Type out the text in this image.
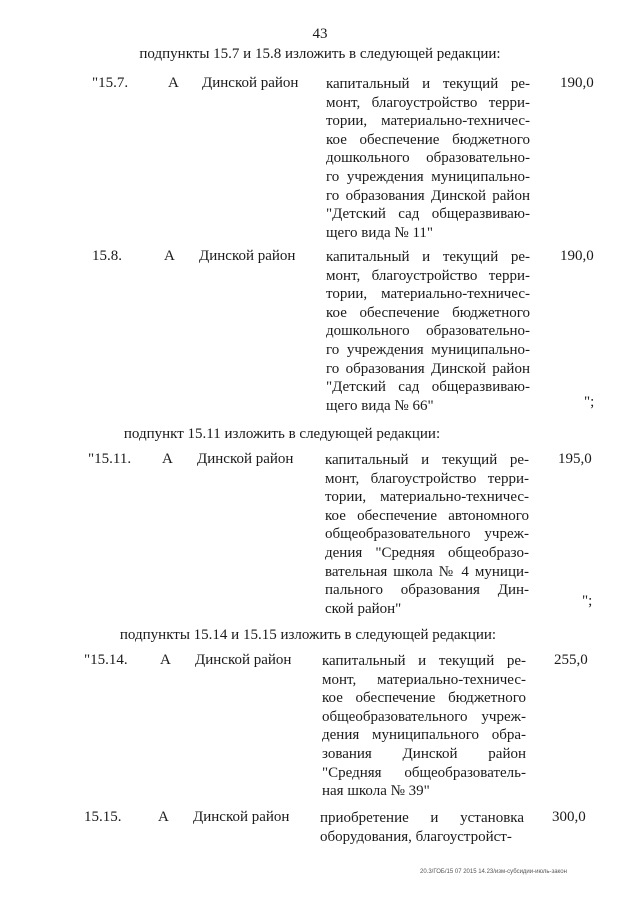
43
подпункты 15.7 и 15.8 изложить в следующей редакции:
"15.7.	А Динской район капитальный и текущий ре-
монт, благоустройство терри-
тории, материально-техничес-
кое обеспечение бюджетного
дошкольного образовательно-
го учреждения муниципально-
го образования Динской район
"Детский сад общеразвиваю-
щего вида № 11"
190,0
15.8.	А Динской район капитальный и текущий ре-
монт, благоустройство терри-
тории, материально-техничес-
кое обеспечение бюджетного
дошкольного образовательно-
го учреждения муниципально-
го образования Динской район
"Детский сад общеразвиваю-
щего вида № 66"
190,0
";
подпункт 15.11 изложить в следующей редакции:
"15.11. А Динской район капитальный и текущий ре-
монт, благоустройство терри-
тории, материально-техничес-
кое обеспечение автономного
общеобразовательного учреж-
дения "Средняя общеобразо-
вательная школа № 4 муници-
пального образования Дин-
ской район"
195,0
";
подпункты 15.14 и 15.15 изложить в следующей редакции:
"15.14. А Динской район капитальный и текущий ре-
монт, материально-техничес-
кое обеспечение бюджетного
общеобразовательного учреж-
дения муниципального обра-
зования Динской район
"Средняя общеобразователь-
ная школа № 39"
255,0
15.15. А Динской район приобретение и установка
оборудования, благоустройст-
300,0
20.3/ГОБ/15 07 2015 14.23/изм-субсидии-июль-закон
